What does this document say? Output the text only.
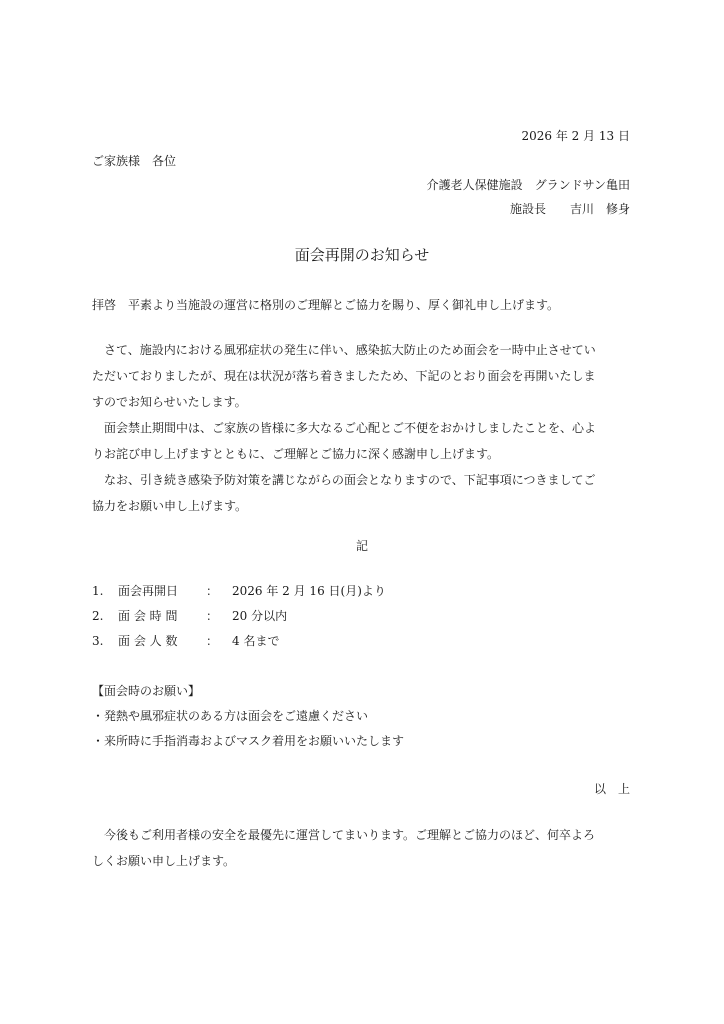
2026 年 2 月 13 日
ご家族様　各位
介護老人保健施設　グランドサン亀田
施設長　　吉川　修身
面会再開のお知らせ
拝啓　平素より当施設の運営に格別のご理解とご協力を賜り、厚く御礼申し上げます。
　さて、施設内における風邪症状の発生に伴い、感染拡大防止のため面会を一時中止させてい
ただいておりましたが、現在は状況が落ち着きましたため、下記のとおり面会を再開いたしま
すのでお知らせいたします。
　面会禁止期間中は、ご家族の皆様に多大なるご心配とご不便をおかけしましたことを、心よ
りお詫び申し上げますとともに、ご理解とご協力に深く感謝申し上げます。
　なお、引き続き感染予防対策を講じながらの面会となりますので、下記事項につきましてご
協力をお願い申し上げます。
記
1.	面会再開日	：	2026 年 2 月 16 日(月)より
2.	面 会 時 間	：	20 分以内
3.	面 会 人 数	：	4 名まで
【面会時のお願い】
・発熱や風邪症状のある方は面会をご遠慮ください
・来所時に手指消毒およびマスク着用をお願いいたします
以　上
　今後もご利用者様の安全を最優先に運営してまいります。ご理解とご協力のほど、何卒よろ
しくお願い申し上げます。
